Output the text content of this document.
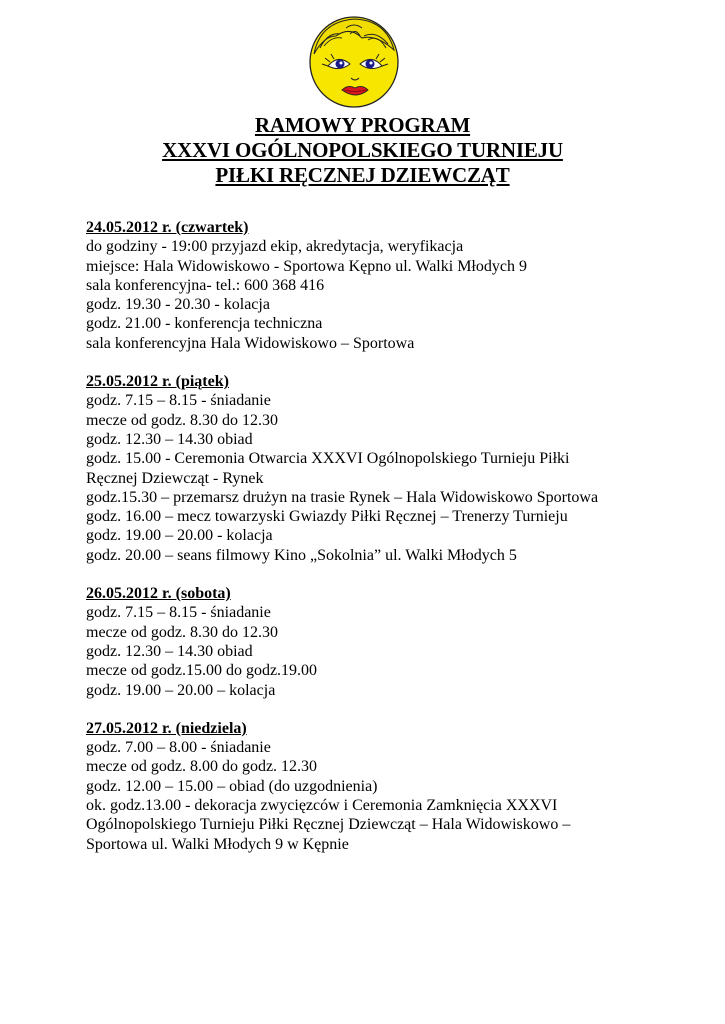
RAMOWY PROGRAM
XXXVI OGÓLNOPOLSKIEGO TURNIEJU
PIŁKI RĘCZNEJ DZIEWCZĄT
24.05.2012 r. (czwartek)
do godziny - 19:00 przyjazd ekip, akredytacja, weryfikacja
miejsce: Hala Widowiskowo - Sportowa Kępno ul. Walki Młodych 9
sala konferencyjna- tel.: 600 368 416
godz. 19.30 - 20.30 - kolacja
godz. 21.00 - konferencja techniczna
sala konferencyjna Hala Widowiskowo – Sportowa
25.05.2012 r. (piątek)
godz. 7.15 – 8.15 - śniadanie
mecze od godz. 8.30 do 12.30
godz. 12.30 – 14.30 obiad
godz. 15.00 - Ceremonia Otwarcia XXXVI Ogólnopolskiego Turnieju Piłki
Ręcznej Dziewcząt - Rynek
godz.15.30 – przemarsz drużyn na trasie Rynek – Hala Widowiskowo Sportowa
godz. 16.00 – mecz towarzyski Gwiazdy Piłki Ręcznej – Trenerzy Turnieju
godz. 19.00 – 20.00 - kolacja
godz. 20.00 – seans filmowy Kino „Sokolnia” ul. Walki Młodych 5
26.05.2012 r. (sobota)
godz. 7.15 – 8.15 - śniadanie
mecze od godz. 8.30 do 12.30
godz. 12.30 – 14.30 obiad
mecze od godz.15.00 do godz.19.00
godz. 19.00 – 20.00 – kolacja
27.05.2012 r. (niedziela)
godz. 7.00 – 8.00 - śniadanie
mecze od godz. 8.00 do godz. 12.30
godz. 12.00 – 15.00 – obiad (do uzgodnienia)
ok. godz.13.00 - dekoracja zwycięzców i Ceremonia Zamknięcia XXXVI
Ogólnopolskiego Turnieju Piłki Ręcznej Dziewcząt – Hala Widowiskowo –
Sportowa ul. Walki Młodych 9 w Kępnie
